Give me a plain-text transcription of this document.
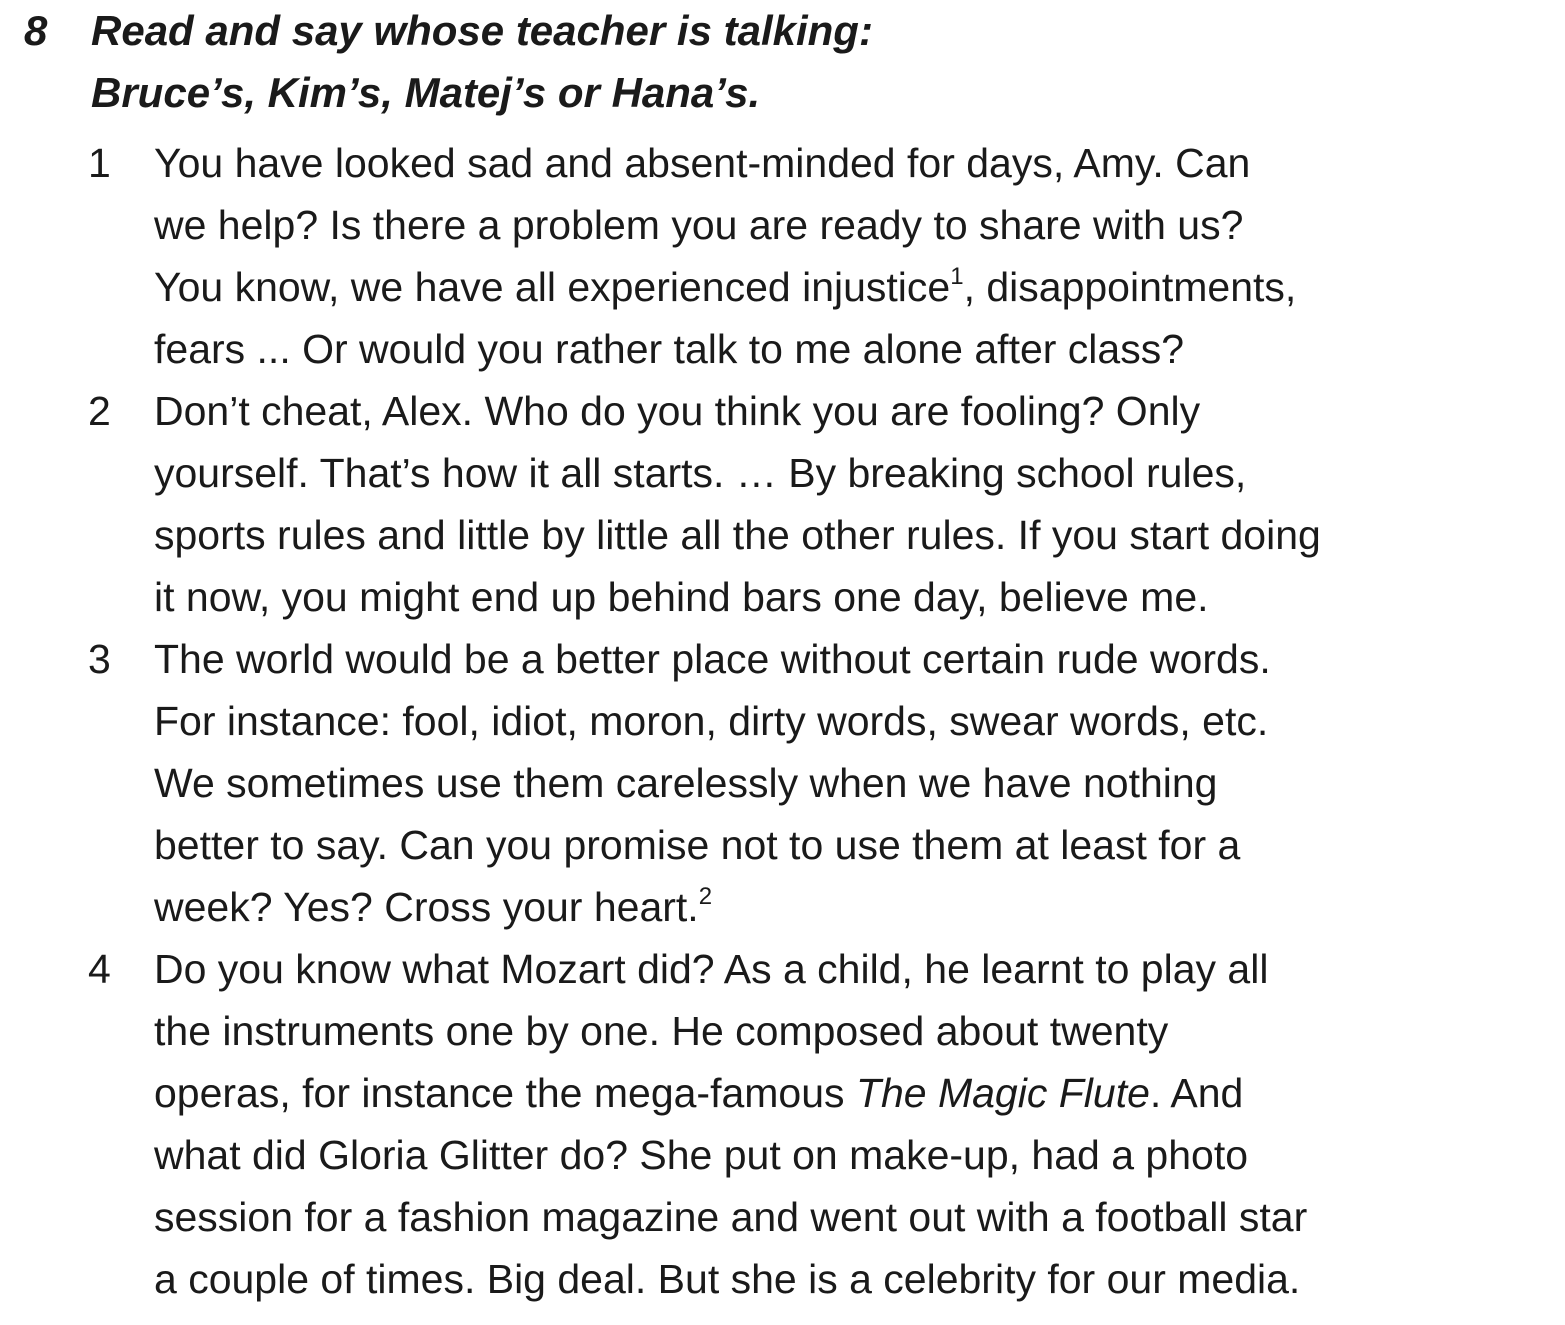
8 Read and say whose teacher is talking:
Bruce’s, Kim’s, Matej’s or Hana’s.
1 You have looked sad and absent-minded for days, Amy. Can
we help? Is there a problem you are ready to share with us?
You know, we have all experienced injustice$^1$, disappointments,
fears ... Or would you rather talk to me alone after class?
2 Don’t cheat, Alex. Who do you think you are fooling? Only
yourself. That’s how it all starts. … By breaking school rules,
sports rules and little by little all the other rules. If you start doing
it now, you might end up behind bars one day, believe me.
3 The world would be a better place without certain rude words.
For instance: fool, idiot, moron, dirty words, swear words, etc.
We sometimes use them carelessly when we have nothing
better to say. Can you promise not to use them at least for a
week? Yes? Cross your heart.$^2$
4 Do you know what Mozart did? As a child, he learnt to play all
the instruments one by one. He composed about twenty
operas, for instance the mega-famous The Magic Flute. And
what did Gloria Glitter do? She put on make-up, had a photo
session for a fashion magazine and went out with a football star
a couple of times. Big deal. But she is a celebrity for our media.
